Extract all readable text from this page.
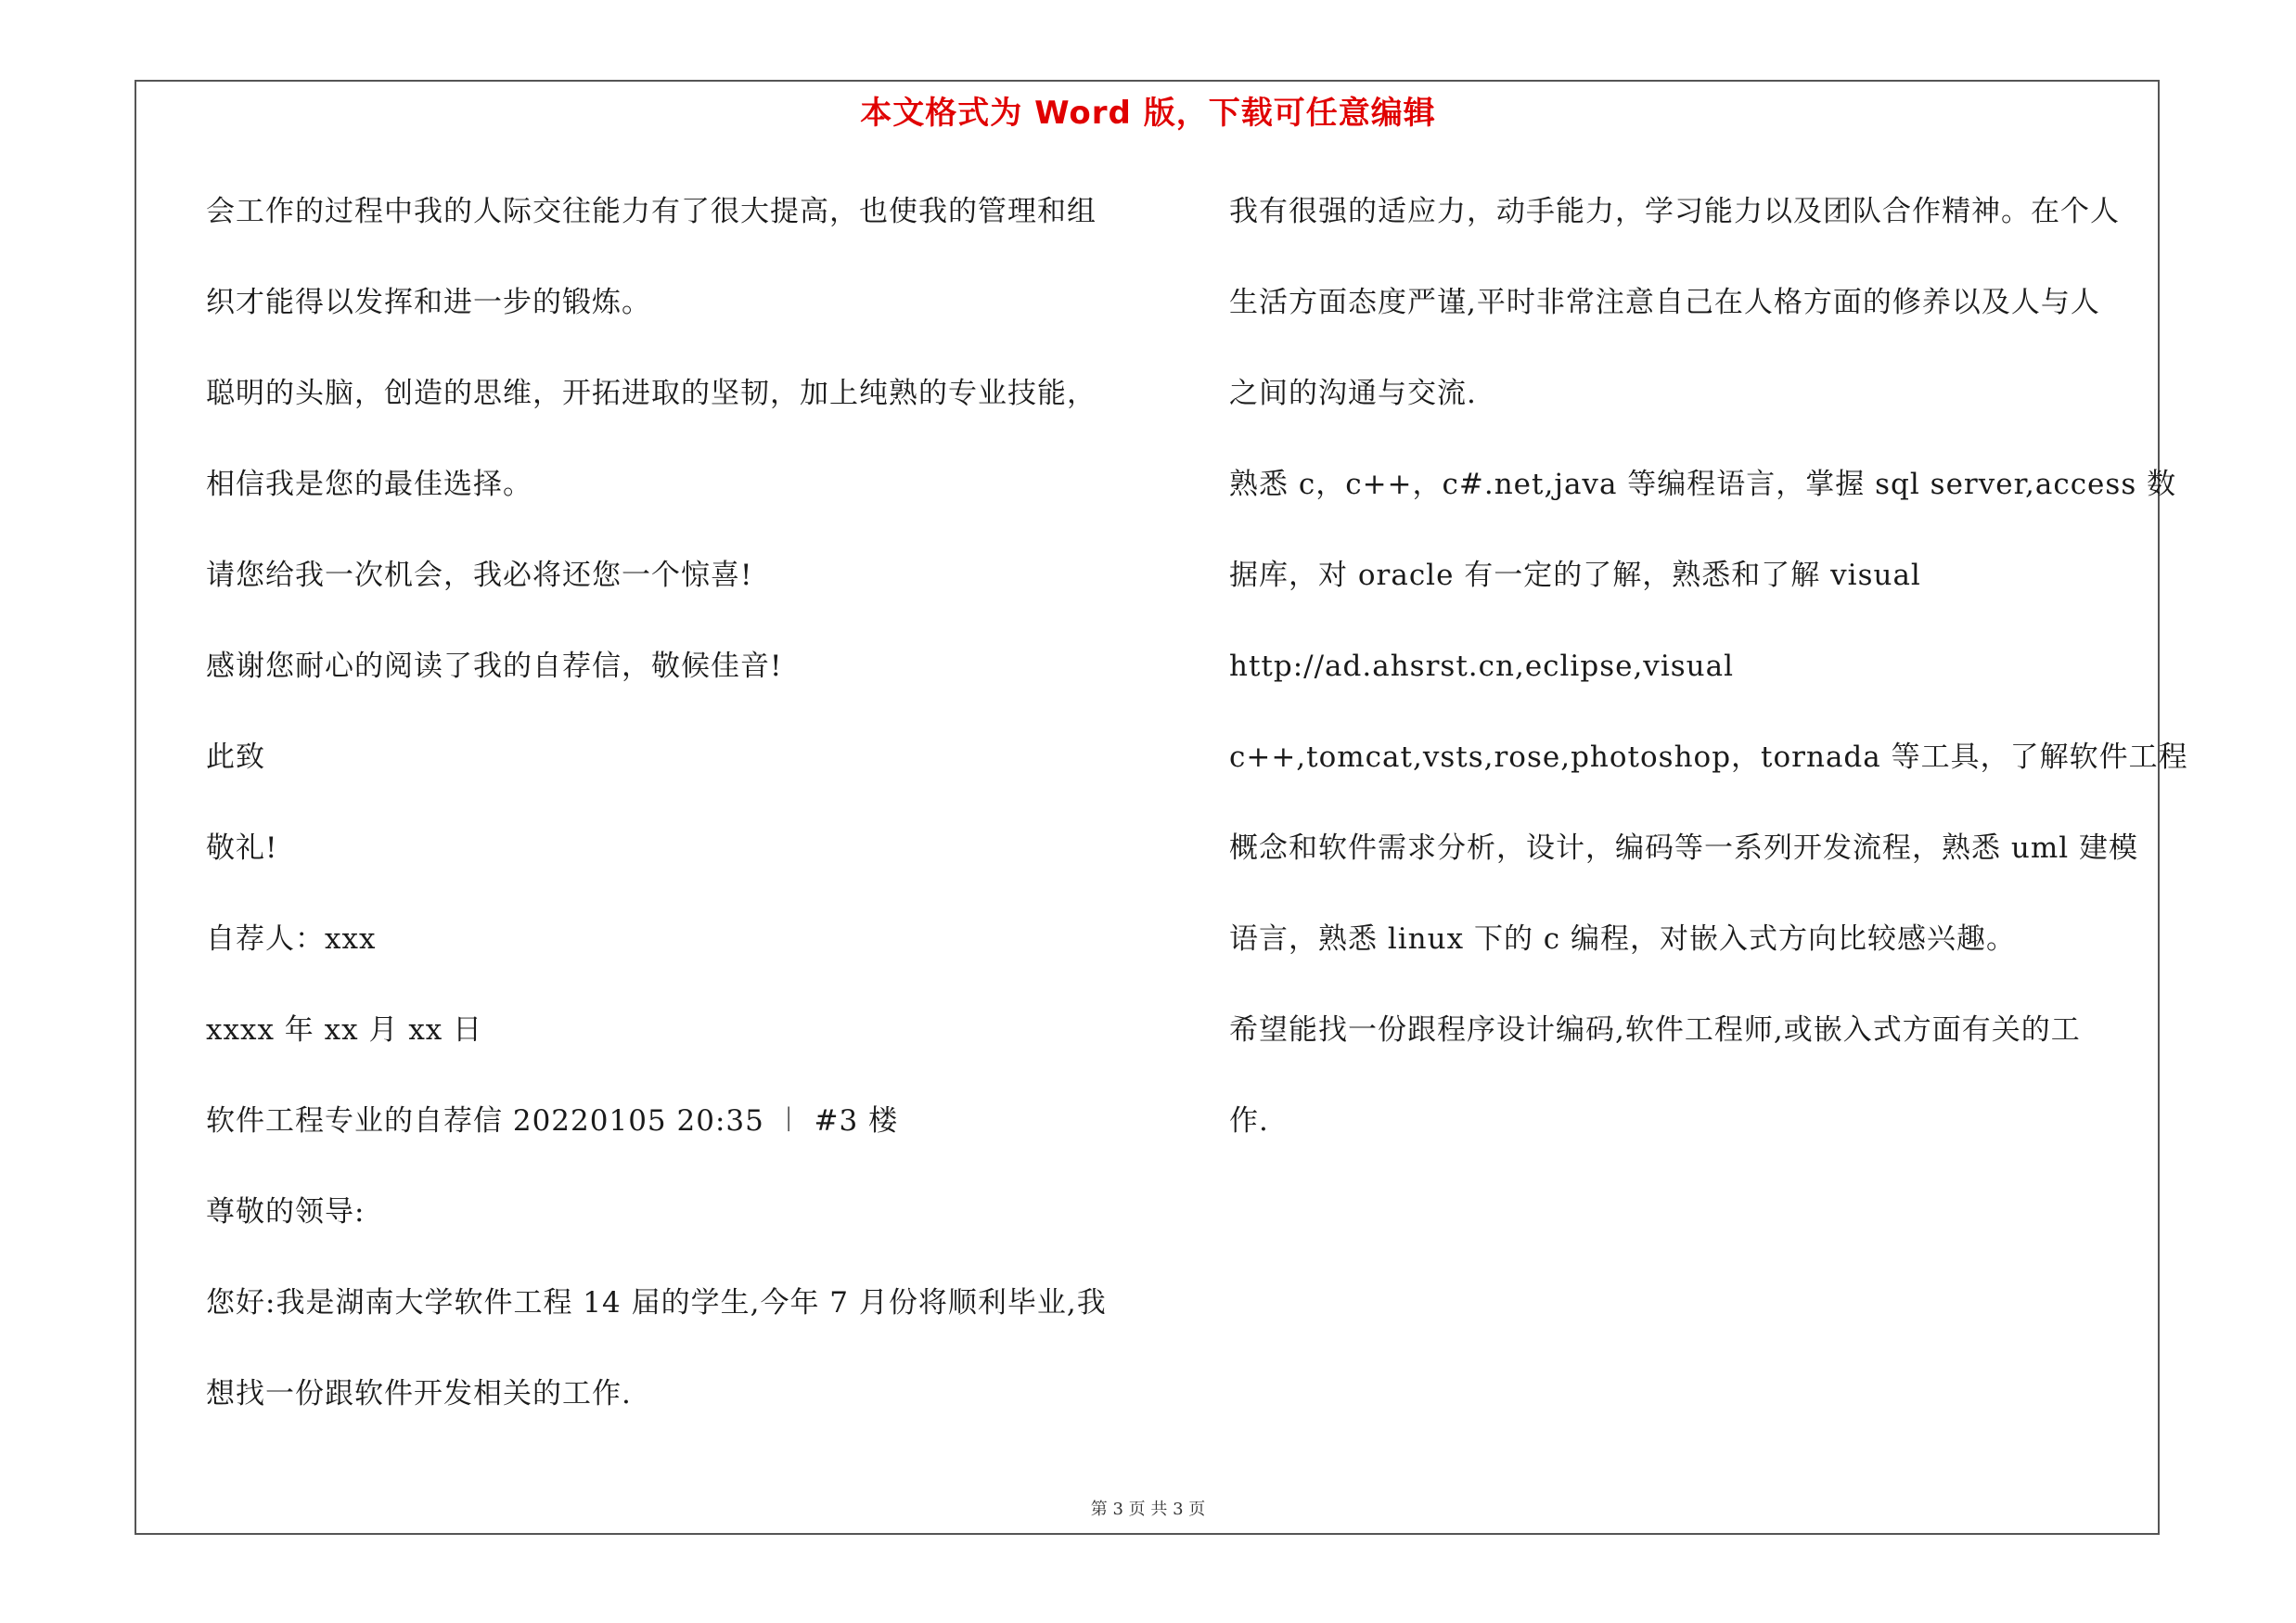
本文格式为 Word 版，下载可任意编辑
会工作的过程中我的人际交往能力有了很大提高，也使我的管理和组
织才能得以发挥和进一步的锻炼。
聪明的头脑，创造的思维，开拓进取的坚韧，加上纯熟的专业技能，
相信我是您的最佳选择。
请您给我一次机会，我必将还您一个惊喜!
感谢您耐心的阅读了我的自荐信，敬候佳音!
此致
敬礼!
自荐人：xxx
xxxx 年 xx 月 xx 日
软件工程专业的自荐信 20220105 20:35 ︱ #3 楼
尊敬的领导:
您好:我是湖南大学软件工程 14 届的学生,今年 7 月份将顺利毕业,我
想找一份跟软件开发相关的工作.
我有很强的适应力，动手能力，学习能力以及团队合作精神。在个人
生活方面态度严谨,平时非常注意自己在人格方面的修养以及人与人
之间的沟通与交流.
熟悉 c，c++，c#.net,java 等编程语言，掌握 sql server,access 数
据库，对 oracle 有一定的了解，熟悉和了解 visual
http://ad.ahsrst.cn,eclipse,visual
c++,tomcat,vsts,rose,photoshop，tornada 等工具，了解软件工程
概念和软件需求分析，设计，编码等一系列开发流程，熟悉 uml 建模
语言，熟悉 linux 下的 c 编程，对嵌入式方向比较感兴趣。
希望能找一份跟程序设计编码,软件工程师,或嵌入式方面有关的工
作.
第 3 页 共 3 页
